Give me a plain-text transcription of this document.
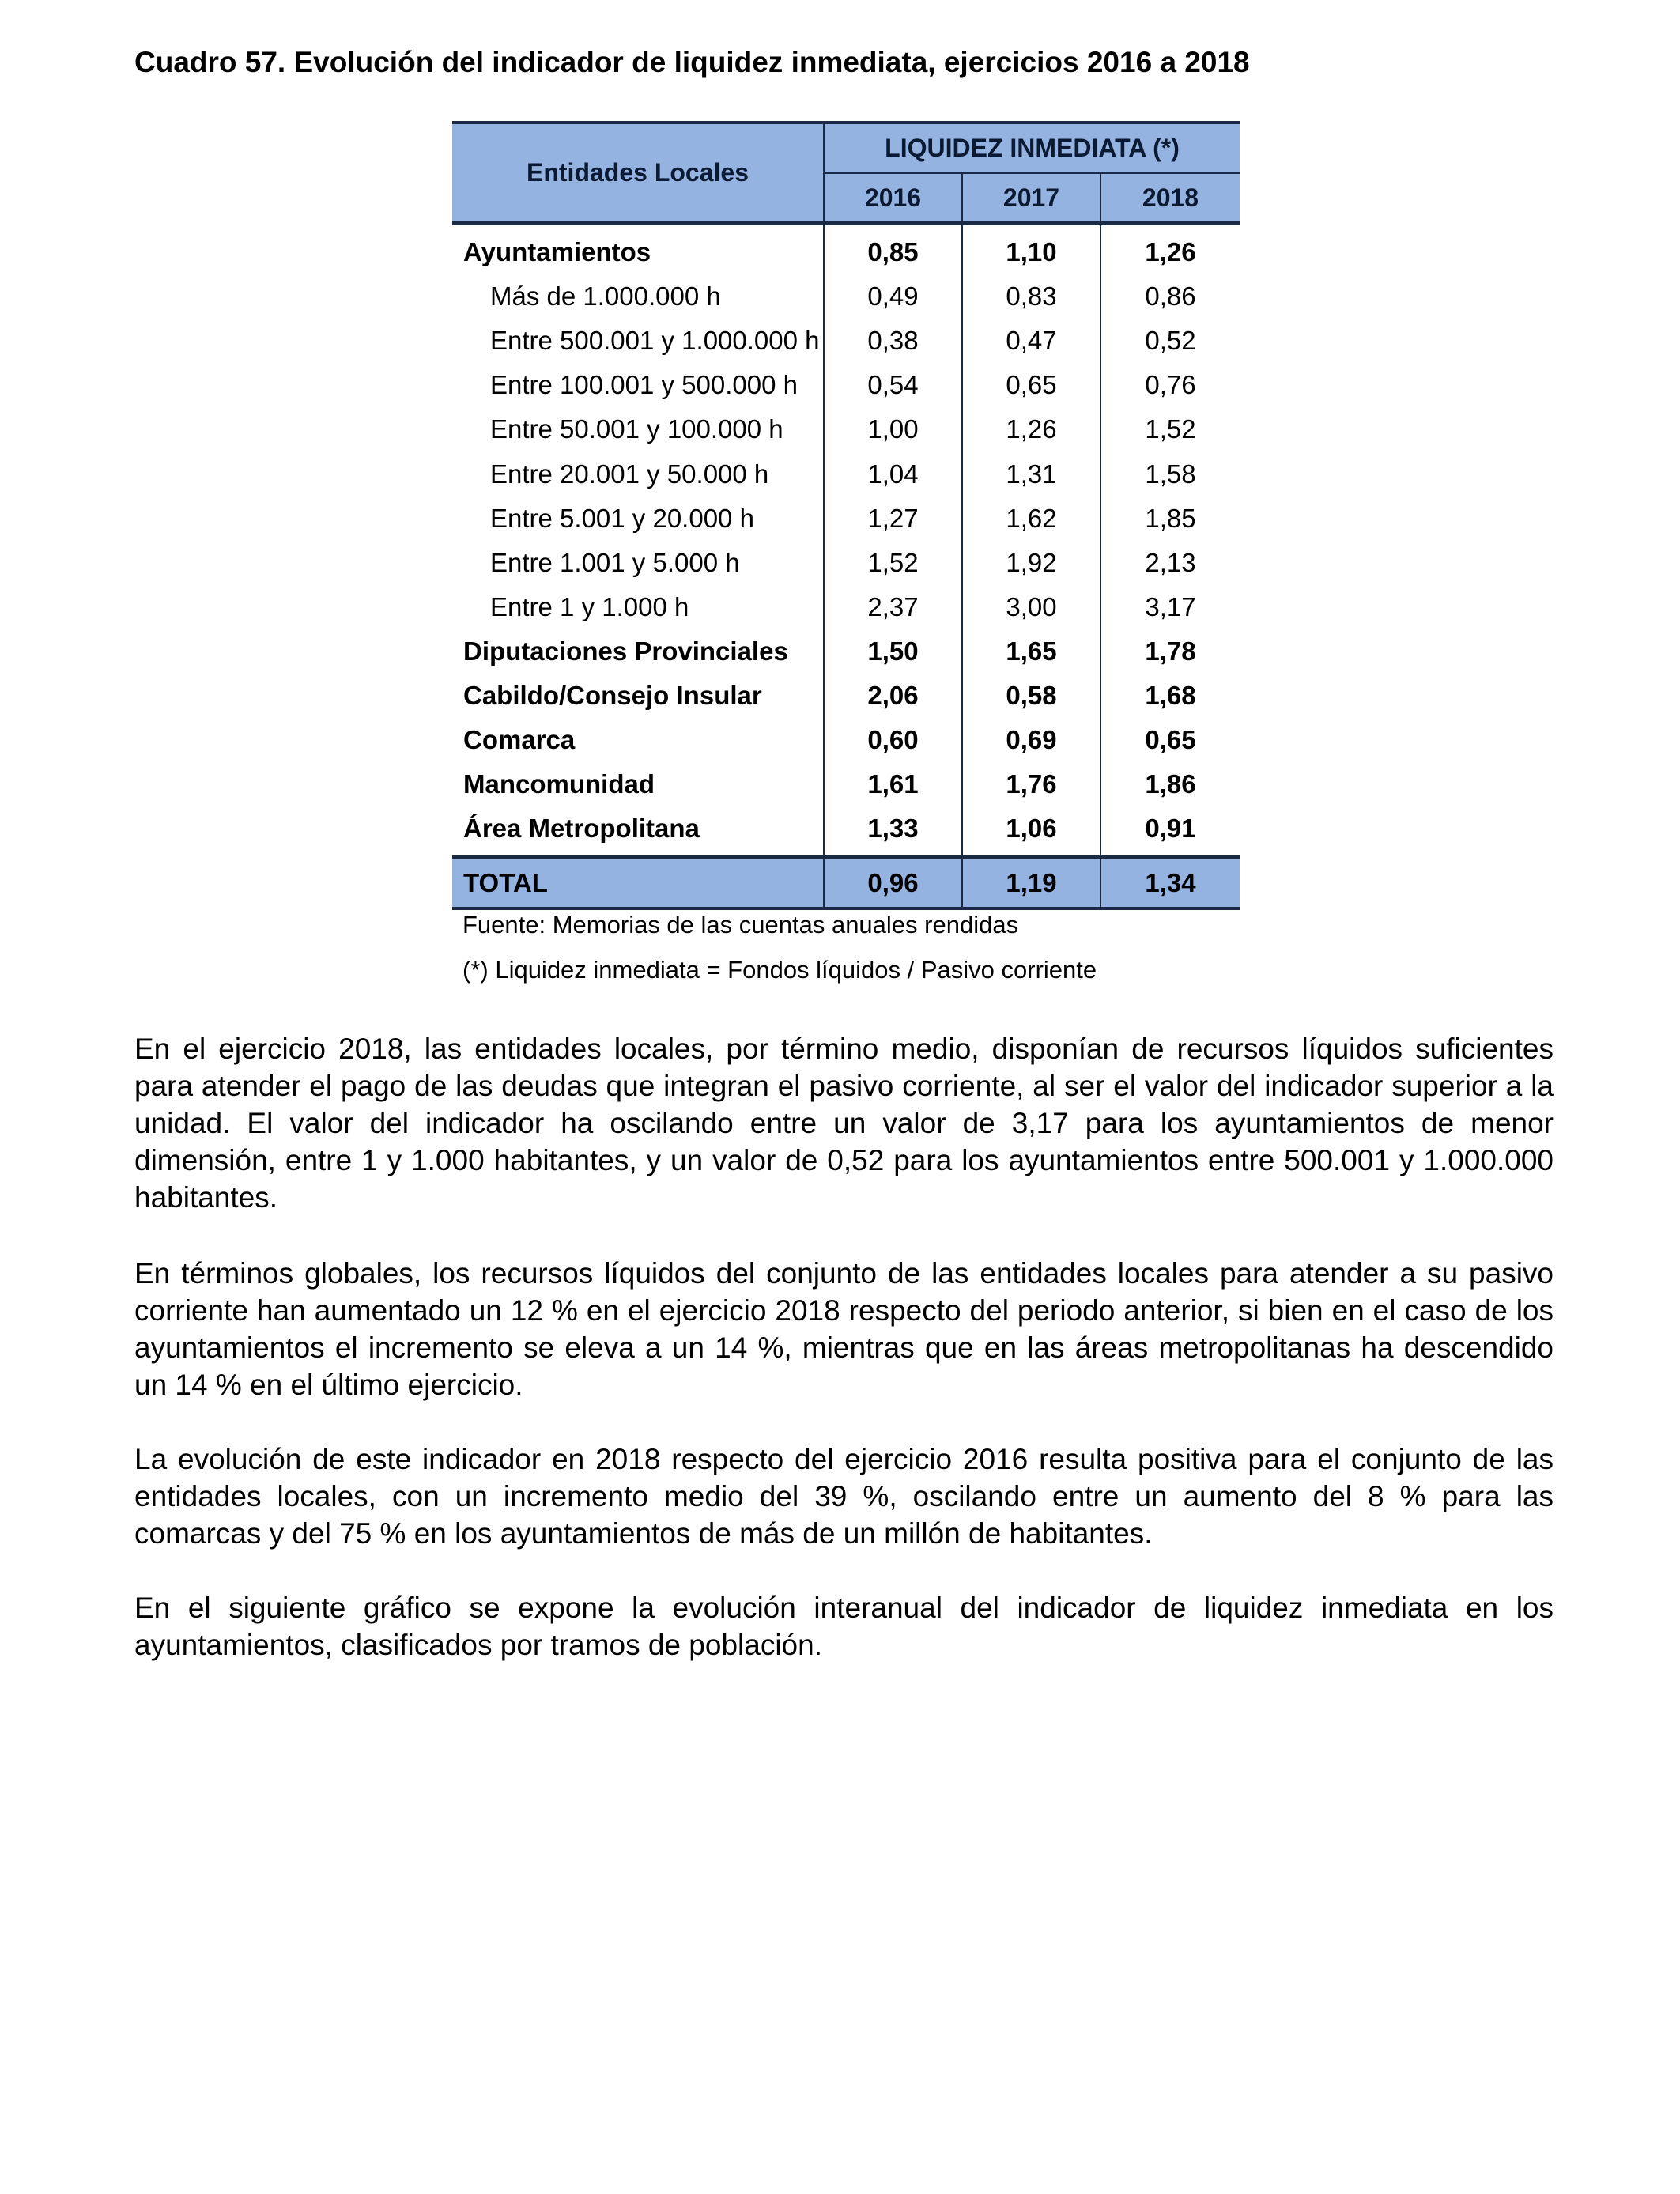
Cuadro 57. Evolución del indicador de liquidez inmediata, ejercicios 2016 a 2018
Entidades Locales	LIQUIDEZ INMEDIATA (*)		
	2016	2017	2018
Ayuntamientos	0,85	1,10	1,26
Más de 1.000.000 h	0,49	0,83	0,86
Entre 500.001 y 1.000.000 h	0,38	0,47	0,52
Entre 100.001 y 500.000 h	0,54	0,65	0,76
Entre 50.001 y 100.000 h	1,00	1,26	1,52
Entre 20.001 y 50.000 h	1,04	1,31	1,58
Entre 5.001 y 20.000 h	1,27	1,62	1,85
Entre 1.001 y 5.000 h	1,52	1,92	2,13
Entre 1 y 1.000 h	2,37	3,00	3,17
Diputaciones Provinciales	1,50	1,65	1,78
Cabildo/Consejo Insular	2,06	0,58	1,68
Comarca	0,60	0,69	0,65
Mancomunidad	1,61	1,76	1,86
Área Metropolitana	1,33	1,06	0,91
TOTAL	0,96	1,19	1,34
Fuente: Memorias de las cuentas anuales rendidas
(*) Liquidez inmediata = Fondos líquidos / Pasivo corriente

En el ejercicio 2018, las entidades locales, por término medio, disponían de recursos líquidos suficientes para atender el pago de las deudas que integran el pasivo corriente, al ser el valor del indicador superior a la unidad. El valor del indicador ha oscilando entre un valor de 3,17 para los ayuntamientos de menor dimensión, entre 1 y 1.000 habitantes, y un valor de 0,52 para los ayuntamientos entre 500.001 y 1.000.000 habitantes.

En términos globales, los recursos líquidos del conjunto de las entidades locales para atender a su pasivo corriente han aumentado un 12 % en el ejercicio 2018 respecto del periodo anterior, si bien en el caso de los ayuntamientos el incremento se eleva a un 14 %, mientras que en las áreas metropolitanas ha descendido un 14 % en el último ejercicio.

La evolución de este indicador en 2018 respecto del ejercicio 2016 resulta positiva para el conjunto de las entidades locales, con un incremento medio del 39 %, oscilando entre un aumento del 8 % para las comarcas y del 75 % en los ayuntamientos de más de un millón de habitantes.

En el siguiente gráfico se expone la evolución interanual del indicador de liquidez inmediata en los ayuntamientos, clasificados por tramos de población.
